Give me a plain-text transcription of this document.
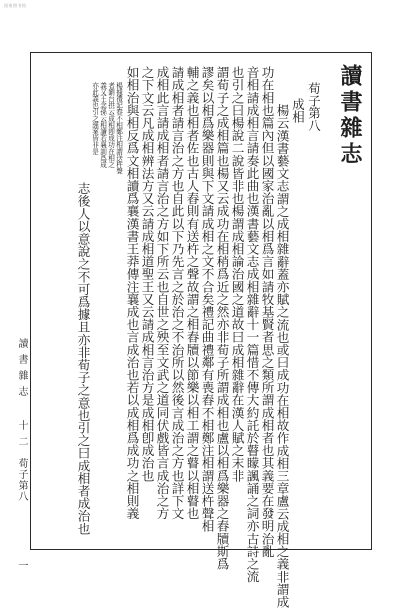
国家图书馆
讀書雜志
荀子第八
成相
楊云漢書藝文志謂之成相雜辭蓋亦賦之流也或曰成功在相故作成相三章盧云成相之義非謂成
功在相也篇內但以國家治亂以相爲言如請牧基賢者思之類所謂成相者也其義要在發明治亂
音相請成相言請奏此曲也漢書藝文志成相雜辭十一篇惜不傳大約託於瞽矇諷誦之詞亦古詩之流
也引之曰楊說二說皆非也楊謂成相論治國之道故曰成相雜辭在漢人賦之末非
謂荀子之成相篇也楊又云成功在相稍爲近之然亦非荀子所謂成相也盧以相爲樂器之舂牘斯爲
謬矣以相爲樂器則與下文請成相之文不合矣禮記曲禮鄰有喪舂不相鄭注相謂送杵聲相
輔之義也相者佐也古人舂則有送杵之聲故謂之相舂牘以節樂以相工謂之瞽以相瞽也
請成相者請言治之方也自此以下乃先言之於治之不治所以然後言成治之方也詳下文
成相此言請成相者請言治之方如下所云也自世之殃至文武之道同伏戲皆言成治之方
之下文云凡成相辨法方又云請成相道聖王又云請成相言治方是成相卽成治也
如相治與相反爲文相讀爲襄漢書王莽傳注襄成也言成治也若以成相爲成功之相則義
楊據禮記舂不相鄭注相謂送杵聲
者劉台拱云成相卽成功在相之
義又王念孫云相讀若襄訓爲成
亦此義也引之謹案皆非是
志後人以意說之不可爲據且亦非荀子之意也引之曰成相者成治也
讀書雜志
十二
荀子第八
一
